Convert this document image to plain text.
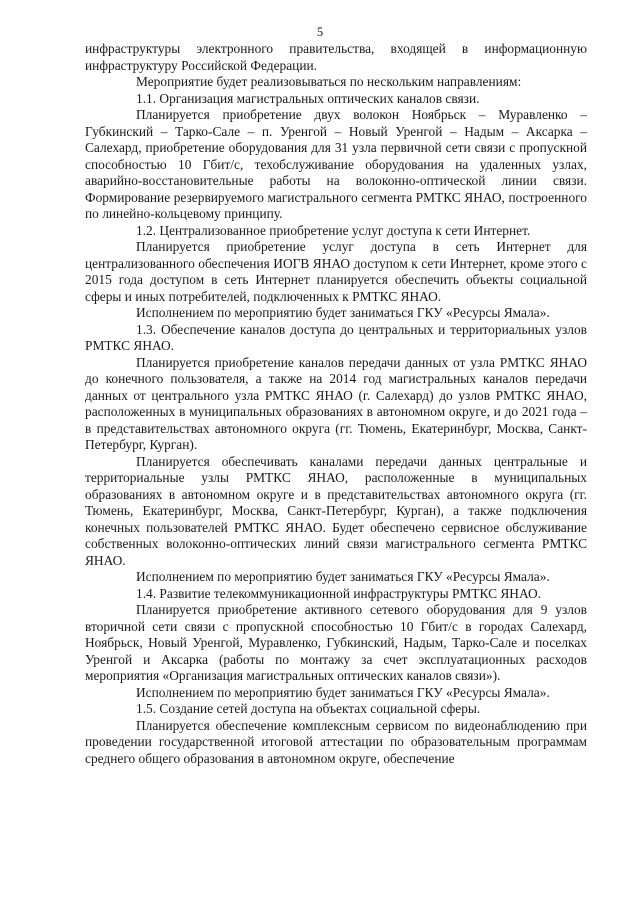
5

инфраструктуры электронного правительства, входящей в информационную инфраструктуру Российской Федерации.

Мероприятие будет реализовываться по нескольким направлениям:

1.1. Организация магистральных оптических каналов связи.

Планируется приобретение двух волокон Ноябрьск – Муравленко – Губкинский – Тарко-Сале – п. Уренгой – Новый Уренгой – Надым – Аксарка – Салехард, приобретение оборудования для 31 узла первичной сети связи с пропускной способностью 10 Гбит/с, техобслуживание оборудования на удаленных узлах, аварийно-восстановительные работы на волоконно-оптической линии связи. Формирование резервируемого магистрального сегмента РМТКС ЯНАО, построенного по линейно-кольцевому принципу.

1.2. Централизованное приобретение услуг доступа к сети Интернет.

Планируется приобретение услуг доступа в сеть Интернет для централизованного обеспечения ИОГВ ЯНАО доступом к сети Интернет, кроме этого с 2015 года доступом в сеть Интернет планируется обеспечить объекты социальной сферы и иных потребителей, подключенных к РМТКС ЯНАО.

Исполнением по мероприятию будет заниматься ГКУ «Ресурсы Ямала».

1.3. Обеспечение каналов доступа до центральных и территориальных узлов РМТКС ЯНАО.

Планируется приобретение каналов передачи данных от узла РМТКС ЯНАО до конечного пользователя, а также на 2014 год магистральных каналов передачи данных от центрального узла РМТКС ЯНАО (г. Салехард) до узлов РМТКС ЯНАО, расположенных в муниципальных образованиях в автономном округе, и до 2021 года – в представительствах автономного округа (гг. Тюмень, Екатеринбург, Москва, Санкт-Петербург, Курган).

Планируется обеспечивать каналами передачи данных центральные и территориальные узлы РМТКС ЯНАО, расположенные в муниципальных образованиях в автономном округе и в представительствах автономного округа (гг. Тюмень, Екатеринбург, Москва, Санкт-Петербург, Курган), а также подключения конечных пользователей РМТКС ЯНАО. Будет обеспечено сервисное обслуживание собственных волоконно-оптических линий связи магистрального сегмента РМТКС ЯНАО.

Исполнением по мероприятию будет заниматься ГКУ «Ресурсы Ямала».

1.4. Развитие телекоммуникационной инфраструктуры РМТКС ЯНАО.

Планируется приобретение активного сетевого оборудования для 9 узлов вторичной сети связи с пропускной способностью 10 Гбит/с в городах Салехард, Ноябрьск, Новый Уренгой, Муравленко, Губкинский, Надым, Тарко-Сале и поселках Уренгой и Аксарка (работы по монтажу за счет эксплуатационных расходов мероприятия «Организация магистральных оптических каналов связи»).

Исполнением по мероприятию будет заниматься ГКУ «Ресурсы Ямала».

1.5. Создание сетей доступа на объектах социальной сферы.

Планируется обеспечение комплексным сервисом по видеонаблюдению при проведении государственной итоговой аттестации по образовательным программам среднего общего образования в автономном округе, обеспечение
